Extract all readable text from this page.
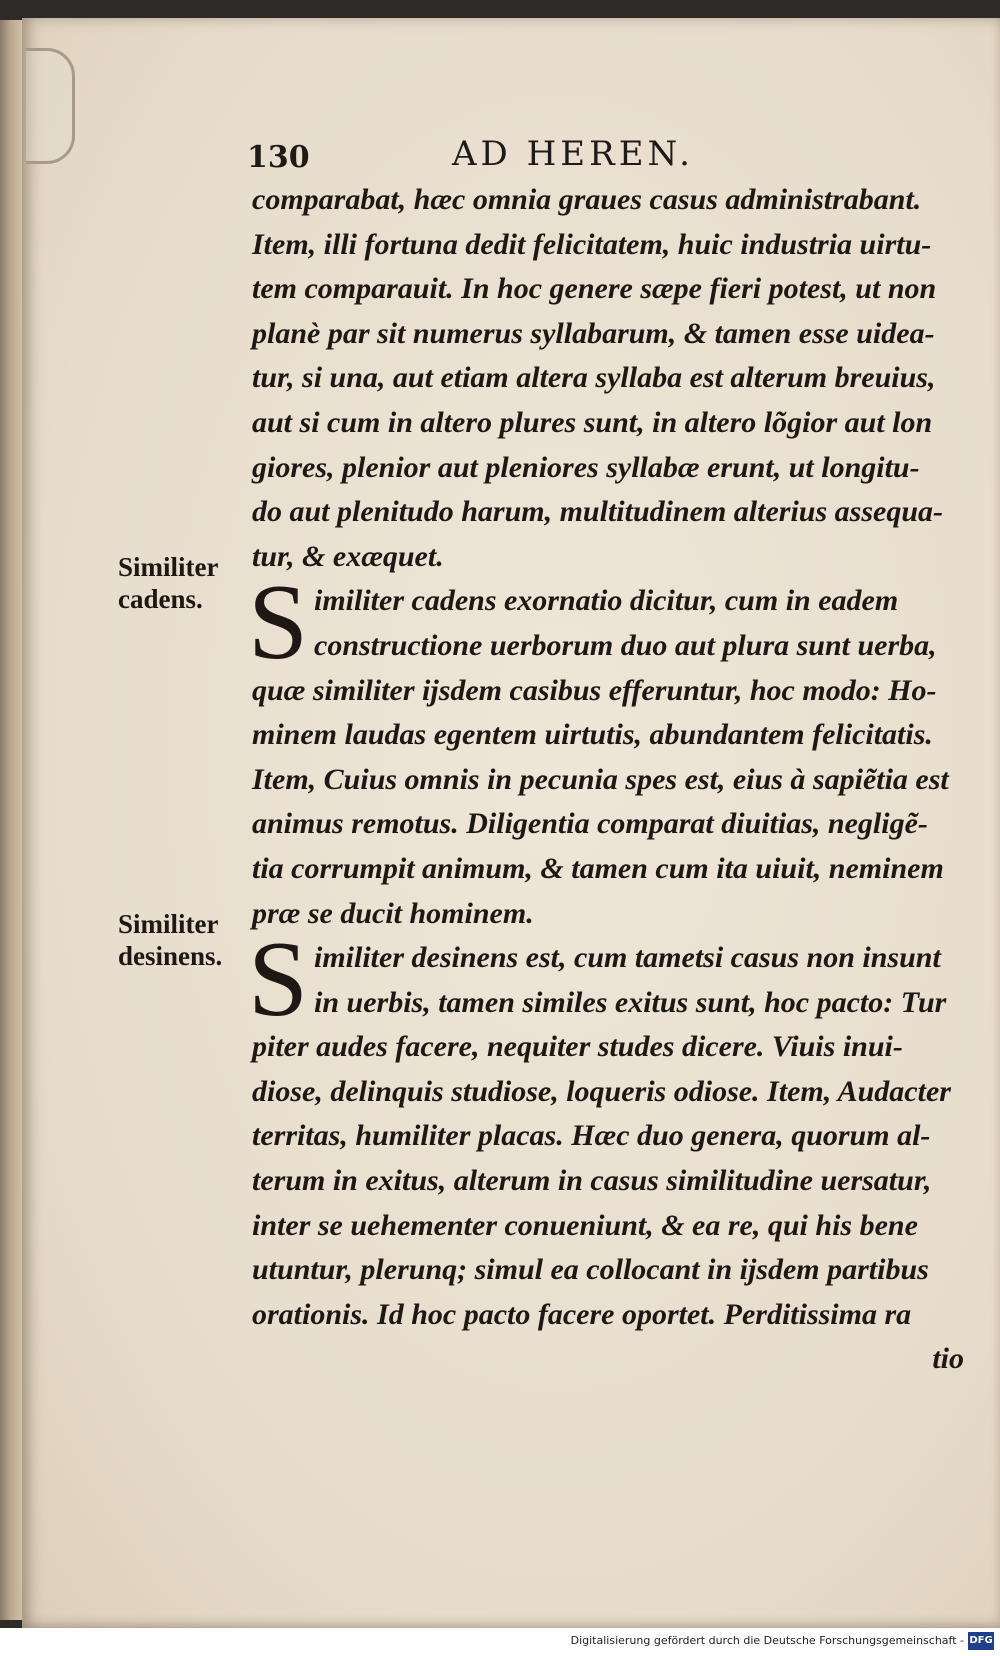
130	AD HEREN.
Similiter cadens.
Similiter desinens.
comparabat, hæc omnia graues casus administrabant.
Item, illi fortuna dedit felicitatem, huic industria uirtu-
tem comparauit. In hoc genere sæpe fieri potest, ut non
planè par sit numerus syllabarum, & tamen esse uidea-
tur, si una, aut etiam altera syllaba est alterum breuius,
aut si cum in altero plures sunt, in altero lõgior aut lon
giores, plenior aut pleniores syllabæ erunt, ut longitu-
do aut plenitudo harum, multitudinem alterius assequa-
tur, & exæquet.
S imiliter cadens exornatio dicitur, cum in eadem
constructione uerborum duo aut plura sunt uerba,
quæ similiter ijsdem casibus efferuntur, hoc modo: Ho-
minem laudas egentem uirtutis, abundantem felicitatis.
Item, Cuius omnis in pecunia spes est, eius à sapiẽtia est
animus remotus. Diligentia comparat diuitias, negligẽ-
tia corrumpit animum, & tamen cum ita uiuit, neminem
præ se ducit hominem.
S imiliter desinens est, cum tametsi casus non insunt
in uerbis, tamen similes exitus sunt, hoc pacto: Tur
piter audes facere, nequiter studes dicere. Viuis inui-
diose, delinquis studiose, loqueris odiose. Item, Audacter
territas, humiliter placas. Hæc duo genera, quorum al-
terum in exitus, alterum in casus similitudine uersatur,
inter se uehementer conueniunt, & ea re, qui his bene
utuntur, plerunq; simul ea collocant in ijsdem partibus
orationis. Id hoc pacto facere oportet. Perditissima ra
tio
Digitalisierung gefördert durch die Deutsche Forschungsgemeinschaft - DFG
